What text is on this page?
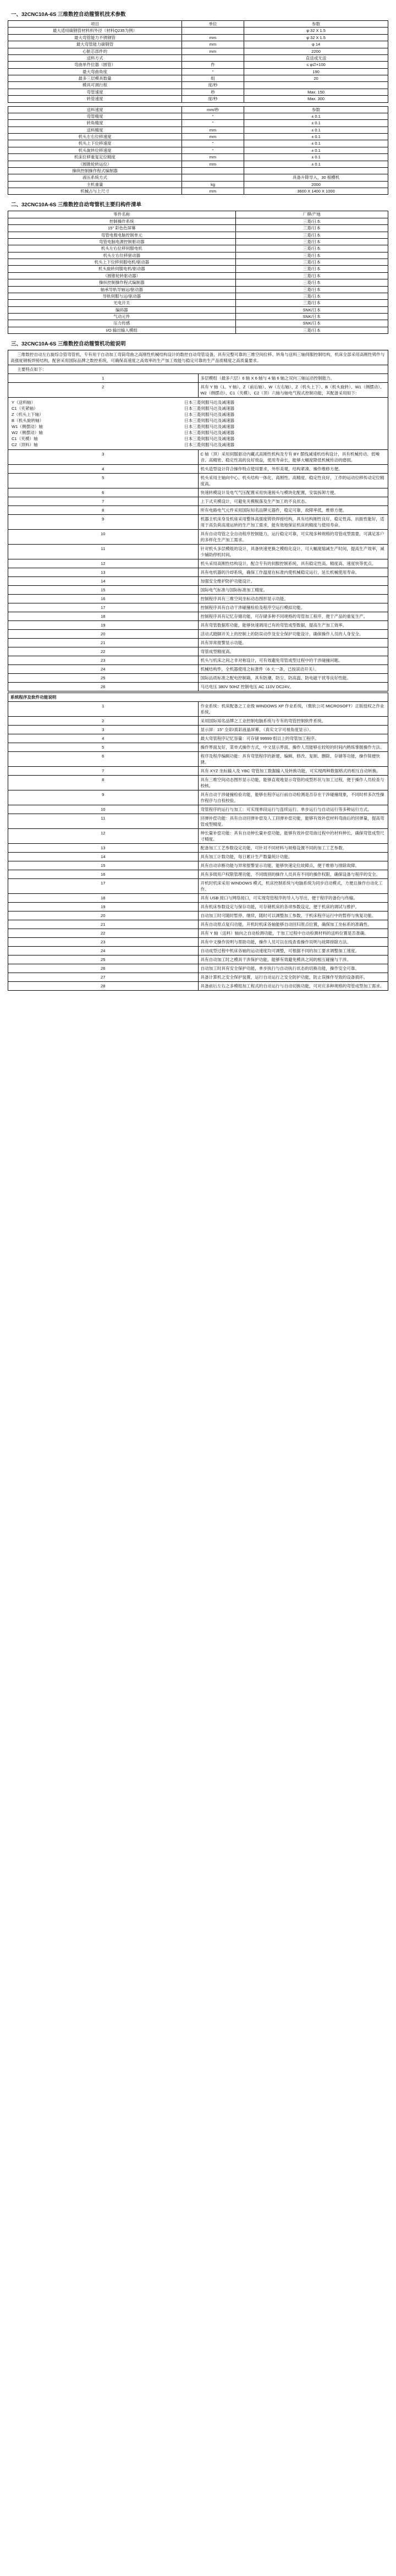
一、32CNC10A-6S 三维数控自动箍管机技术参数
项目	单位	参数
最大适用碳钢管材料料外径（材料Q235为例）		φ 32 X 1.5
最大弯管能力不锈钢管	mm	φ 32 X 1.5
最大弯管能力碳钢管	mm	φ 14
心脏芯部件的	mm	2200
送料方式		直送或无送
弯曲单件位器（圆管）	件	≤ φ∅×100
最大弯曲角度	°	190
最多三层模具数量	组	20
模具可调行程	度/秒	
弯管速度	秒	Max. 150
转管速度	度/秒	Max. 300
送料速度	mm/秒	参数
弯管精度	°	± 0.1
转角精度	°	± 0.1
送料精度	mm	± 0.1
机头左右位移速度	mm	± 0.1
机头上下位移速度	°	± 0.1
机头旋转位移速度	°	± 0.1
机床位移重复定位精度	mm	± 0.1
（圆锥轮转运位）	mm	± 0.1
操纵控制操作程式编制器		
液压系统方式		具备升降导入，30 根横机
主机重量	kg	2000
机械占与上尺寸	mm	3600 X 1400 X 1000
二、32CNC10A-6S 三维数控自动弯管机主要归构件清单
零件名称	厂牌/产地
控制操作系统	三菱/日本
15" 彩色色屏幕	三菱/日本
弯管电极电脑控制单元	三菱/日本
弯管电脑电源控制驱动器	三菱/日本
机头左右位移伺服电机	三菱/日本
机头左右位移驱动器	三菱/日本
机头上下位移伺服电机/驱动器	三菱/日本
机头旋转伺服电机/驱动器	三菱/日本
（圆锥轮转驱动器）	三菱/日本
操纵控制操作程式编制器	三菱/日本
轴承导轨导轴运/驱动器	三菱/日本
导轨伺服与运/驱动器	三菱/日本
光电开关	三菱/日本
编码器	SNK/日本
气动元件	SNK/日本
压力传感	SNK/日本
I/O 输出输入模组	三菱/日本
三、32CNC10A-6S 三维数控自动箍管机功能说明
三维数控自动左右旋综合管弯管机，专有用于自动加工弯筒弯曲之高刚性机械结构设计的数控自动弯管设备，具有完整可靠的三维空间位移、转角与送料三轴伺服控制结构，机床全部采用高刚性铸件与高强度钢板焊接结构，配套采用国际品牌之数控系统，可确保高速度之高效率的生产加工效能与稳定可靠的生产品质精度之高质量要求。
主要特点如下：
1	多层模组（最多六层）6 轴 X 6 轴与 4 轴 6 轴之双向三轴运动控制能力。
2	具有 Y 轴（1、Y 轴）、Z（前后轴）、W（左右轴）、Z（机头上下）、B（机头旋转）、W1（侧摆动）、W2（侧摆动）、C1（夹模）、C2（顶）六轴与轴电气程式控制功能，其配备采用如下：

Y（送料轴）	日本三菱伺服马达及减速器
C1（夹紧轴）	日本三菱伺服马达及减速器
Z（机头上下轴）	日本三菱伺服马达及减速器
B（机头旋转轴）	日本三菱伺服马达及减速器
W1（侧摆动）轴	日本三菱伺服马达及减速器
W2（侧摆动）轴	日本三菱伺服马达及减速器
C1（夹模）轴	日本三菱伺服马达及减速器
C2（顶料）轴	日本三菱伺服马达及减速器

3	C 轴（顶）采用伺服驱动内藏式高刚性机构及专有 BY 摆线减速机结构设计，具有机械传动、低噪音、高精密、稳定性高的良好效益，使用寿命长，能够大幅度降低机械传动的磨损。
4	机头造型设计符合操作特点使用要求，外形美观，结构紧凑，操作维修方便。
5	机头采用主轴向中心、机头结构一体化、高刚性、高精度、稳定性良好，工作的运动位移传动定位精度高。
6	快速转模设计及电气气压配置采用快速接头与模块化配置，安装拆卸方便。
7	上下式夹模设计，可避免夹模脱落及生产加工的不良状态。
8	所有电路电气元件采用国际知名品牌元器件，稳定可靠，故障率低，维修方便。
9	机器主机床身及机座采用整体高强度铸铁焊接结构，具有结构刚性良好、稳定性高、抗振性能好，适用于高负荷高速运转的生产加工需求，能有效地保证机床的精度与使用寿命。
10	具有自动弯管之全自动程序控制能力，运行稳定可靠，可实现多种规格的弯管成型需要，可满足客户的多样化生产加工需求。
11	针对机头多层模组的设计，具备快速更换之模组化设计，可大幅度缩减生产时间，提高生产效率，减少辅助停机时间。
12	机头采用高刚性结构设计，配合专有的伺服控制系统，具有稳定性高、精度高、速度快等优点。
13	具有电机器的冷却系统，确保工作温度在标准内使机械稳定运行，延长机械使用寿命。
14	加强安全维护防护功能设计。
15	国际电气标准与国际标准加工精度。
16	控制程序具有三维空间坐标动态图形显示功能。
17	控制程序具有自动干涉碰撞检验及程序空运行模拟功能。
18	控制程序具有记忆存储功能，可存储多种不同规格的弯管加工程序，便于产品的重复生产。
19	具有弯管数据库功能，能够快速调用已有的弯管成型数据，提高生产加工效率。
20	活动式踏脚开关上的控制上的防误动作及安全保护功能设计，确保操作人员的人身安全。
21	具有异常报警显示功能。
22	弯管成型精度高。
23	机头与机床之间之非对称设计，可有效避免弯管成型过程中的干涉碰撞问题。
24	机械结构件，全机器使用之标准件（6 大一条，已按滚动开关）。
25	国际品质标准之配电控制箱，具有防潮、防尘、防高温、防电磁干扰等良好性能。
26	马达电压 380V 50HZ 控制电压 AC 110V DC24V。
系统程序及软件功能说明	
1	作业系统：机床配备之工业级 WINDOWS XP 作业系统，（微软公司 MICROSOFT）正版授权之作业系统。
2	采用国际知名品牌之工业控制电脑系统与专有的弯管控制软件系统。
3	显示屏：15" 全彩/真彩液晶屏幕，（真实文字可视角度显示）。
4	最大弯管程序记忆容量：可存储 99999 组以上的弯管加工程序。
5	操作界面友好，菜单式操作方式，中文显示界面，操作人员能够在较短的时间内熟练掌握操作方法。
6	程序及程序编辑功能：具有弯管程序的新建、编辑、修改、复制、删除、存储等功能，操作简便快捷。
7	具有 XYZ 坐标输入及 YBC 弯管加工数据输入及转换功能，可实现两种数据格式的相互自动转换。
8	具有三维空间动态图形显示功能，能够直观地显示弯管的成型形状与加工过程，便于操作人员检查与校核。
9	具有自动干涉碰撞检验功能，能够在程序运行前自动检测是否存在干涉碰撞现象，不同时样多次性操作程序与自检校验。
10	弯管程序的运行与加工：可实现单段运行与连续运行、单步运行与自动运行等多种运行方式。
11	回弹补偿功能：具有自动回弹补偿及人工回弹补偿功能，能够有效补偿材料弯曲后的回弹量，提高弯管成型精度。
12	伸长量补偿功能：具有自动伸长量补偿功能，能够有效补偿弯曲过程中的材料伸长，确保弯管成型尺寸精度。
13	配备加工工艺参数设定功能，可针对不同材料与规格设置不同的加工工艺参数。
14	具有加工计数功能，每日累计生产数量统计功能。
15	具有自动诊断功能与异常报警显示功能，能够快速定位故障点，便于维修与排除故障。
16	具有多级用户权限管理功能，不同级别的操作人员具有不同的操作权限，确保设备与程序的安全。
17	开机时机床采用 WINDOWS 模式，机床控制系统与电脑系统为同步启动模式，方便且操作自动化工作。
18	具有 USB 接口与网络接口，可实现弯管程序的导入与导出，便于程序的备份与传输。
19	具有机床参数设定与保存功能，可存储机床的各项参数设定，便于机床的调试与维护。
20	自动加工时可随时暂停、继续，随时可以调整加工参数，于机床程序运行中的暂停与恢复功能。
21	具有自动原点复归功能，开机时机床各轴能够自动回归原点位置，确保加工坐标系的准确性。
22	具有 Y 轴（送料）轴向之自动检测功能，于加工过程中自动检测材料的送料位置是否准确。
23	具有中文操作说明与帮助功能，操作人员可以在线查看操作说明与故障排除方法。
24	自动成型过程中机床各轴的运动速度均可调整，可根据不同的加工要求调整加工速度。
25	具有自动加工时之模具干涉保护功能，能够有效避免模具之间的相互碰撞与干涉。
26	自动加工时具有安全保护功能，单步执行与自动执行状态的切换功能，操作安全可靠。
27	具备计算机之安全保护装置，运行自动运行之安全防护功能，防止误操作导致的设备损坏。
28	具备前后左右之多模组加工程式的自动运行与自动切换功能，可对应多种规格的弯管成型加工需求。
